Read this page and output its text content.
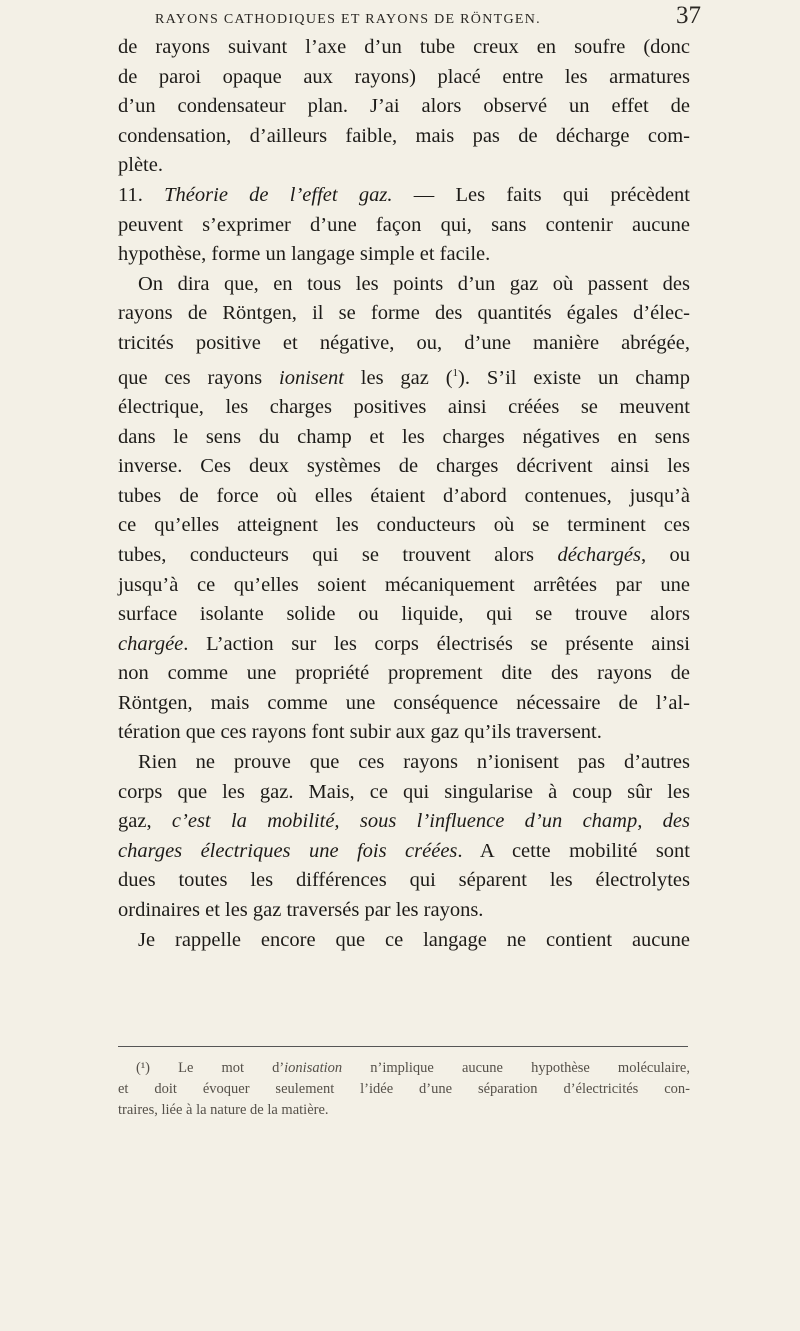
RAYONS CATHODIQUES ET RAYONS DE RÖNTGEN.	37
de rayons suivant l’axe d’un tube creux en soufre (donc
de paroi opaque aux rayons) placé entre les armatures
d’un condensateur plan. J’ai alors observé un effet de
condensation, d’ailleurs faible, mais pas de décharge com-
plète.
11. Théorie de l’effet gaz. — Les faits qui précèdent
peuvent s’exprimer d’une façon qui, sans contenir aucune
hypothèse, forme un langage simple et facile.
On dira que, en tous les points d’un gaz où passent des
rayons de Röntgen, il se forme des quantités égales d’élec-
tricités positive et négative, ou, d’une manière abrégée,
que ces rayons ionisent les gaz ($^1$). S’il existe un champ
électrique, les charges positives ainsi créées se meuvent
dans le sens du champ et les charges négatives en sens
inverse. Ces deux systèmes de charges décrivent ainsi les
tubes de force où elles étaient d’abord contenues, jusqu’à
ce qu’elles atteignent les conducteurs où se terminent ces
tubes, conducteurs qui se trouvent alors déchargés, ou
jusqu’à ce qu’elles soient mécaniquement arrêtées par une
surface isolante solide ou liquide, qui se trouve alors
chargée. L’action sur les corps électrisés se présente ainsi
non comme une propriété proprement dite des rayons de
Röntgen, mais comme une conséquence nécessaire de l’al-
tération que ces rayons font subir aux gaz qu’ils traversent.
Rien ne prouve que ces rayons n’ionisent pas d’autres
corps que les gaz. Mais, ce qui singularise à coup sûr les
gaz, c’est la mobilité, sous l’influence d’un champ, des
charges électriques une fois créées. A cette mobilité sont
dues toutes les différences qui séparent les électrolytes
ordinaires et les gaz traversés par les rayons.
Je rappelle encore que ce langage ne contient aucune
(¹) Le mot d’ionisation n’implique aucune hypothèse moléculaire,
et doit évoquer seulement l’idée d’une séparation d’électricités con-
traires, liée à la nature de la matière.
